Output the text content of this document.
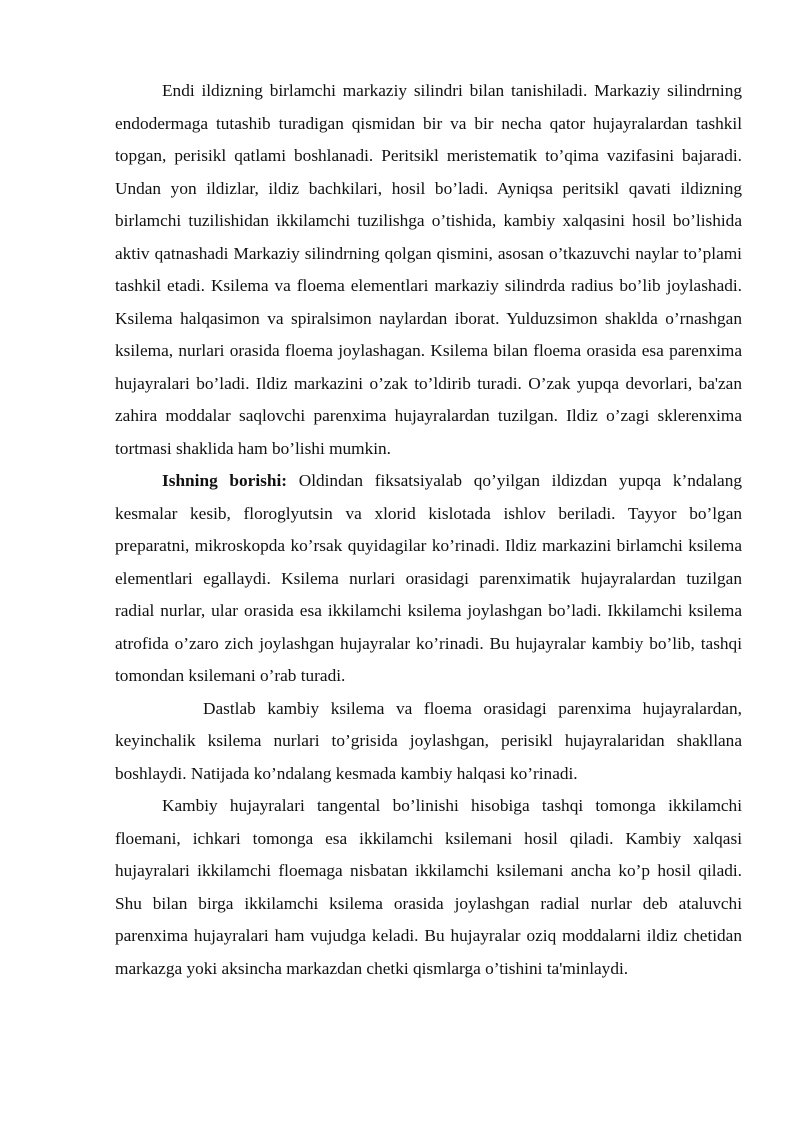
Endi ildizning birlamchi markaziy silindri bilan tanishiladi. Markaziy silindrning endodermaga tutashib turadigan qismidan bir va bir necha qator hujayralardan tashkil topgan, perisikl qatlami boshlanadi. Peritsikl meristematik to’qima vazifasini bajaradi. Undan yon ildizlar, ildiz bachkilari, hosil bo’ladi. Ayniqsa peritsikl qavati ildizning birlamchi tuzilishidan ikkilamchi tuzilishga o’tishida, kambiy xalqasini hosil bo’lishida aktiv qatnashadi Markaziy silindrning qolgan qismini, asosan o’tkazuvchi naylar to’plami tashkil etadi. Ksilema va floema elementlari markaziy silindrda radius bo’lib joylashadi. Ksilema halqasimon va spiralsimon naylardan iborat. Yulduzsimon shaklda o’rnashgan ksilema, nurlari orasida floema joylashagan. Ksilema bilan floema orasida esa parenxima hujayralari bo’ladi. Ildiz markazini o’zak to’ldirib turadi. O’zak yupqa devorlari, ba'zan zahira moddalar saqlovchi parenxima hujayralardan tuzilgan. Ildiz o’zagi sklerenxima tortmasi shaklida ham bo’lishi mumkin.

Ishning borishi: Oldindan fiksatsiyalab qo’yilgan ildizdan yupqa k’ndalang kesmalar kesib, floroglyutsin va xlorid kislotada ishlov beriladi. Tayyor bo’lgan preparatni, mikroskopda ko’rsak quyidagilar ko’rinadi. Ildiz markazini birlamchi ksilema elementlari egallaydi. Ksilema nurlari orasidagi parenximatik hujayralardan tuzilgan radial nurlar, ular orasida esa ikkilamchi ksilema joylashgan bo’ladi. Ikkilamchi ksilema atrofida o’zaro zich joylashgan hujayralar ko’rinadi. Bu hujayralar kambiy bo’lib, tashqi tomondan ksilemani o’rab turadi.

Dastlab kambiy ksilema va floema orasidagi parenxima hujayralardan, keyinchalik ksilema nurlari to’grisida joylashgan, perisikl hujayralaridan shakllana boshlaydi. Natijada ko’ndalang kesmada kambiy halqasi ko’rinadi.

Kambiy hujayralari tangental bo’linishi hisobiga tashqi tomonga ikkilamchi floemani, ichkari tomonga esa ikkilamchi ksilemani hosil qiladi. Kambiy xalqasi hujayralari ikkilamchi floemaga nisbatan ikkilamchi ksilemani ancha ko’p hosil qiladi. Shu bilan birga ikkilamchi ksilema orasida joylashgan radial nurlar deb ataluvchi parenxima hujayralari ham vujudga keladi. Bu hujayralar oziq moddalarni ildiz chetidan markazga yoki aksincha markazdan chetki qismlarga o’tishini ta'minlaydi.
